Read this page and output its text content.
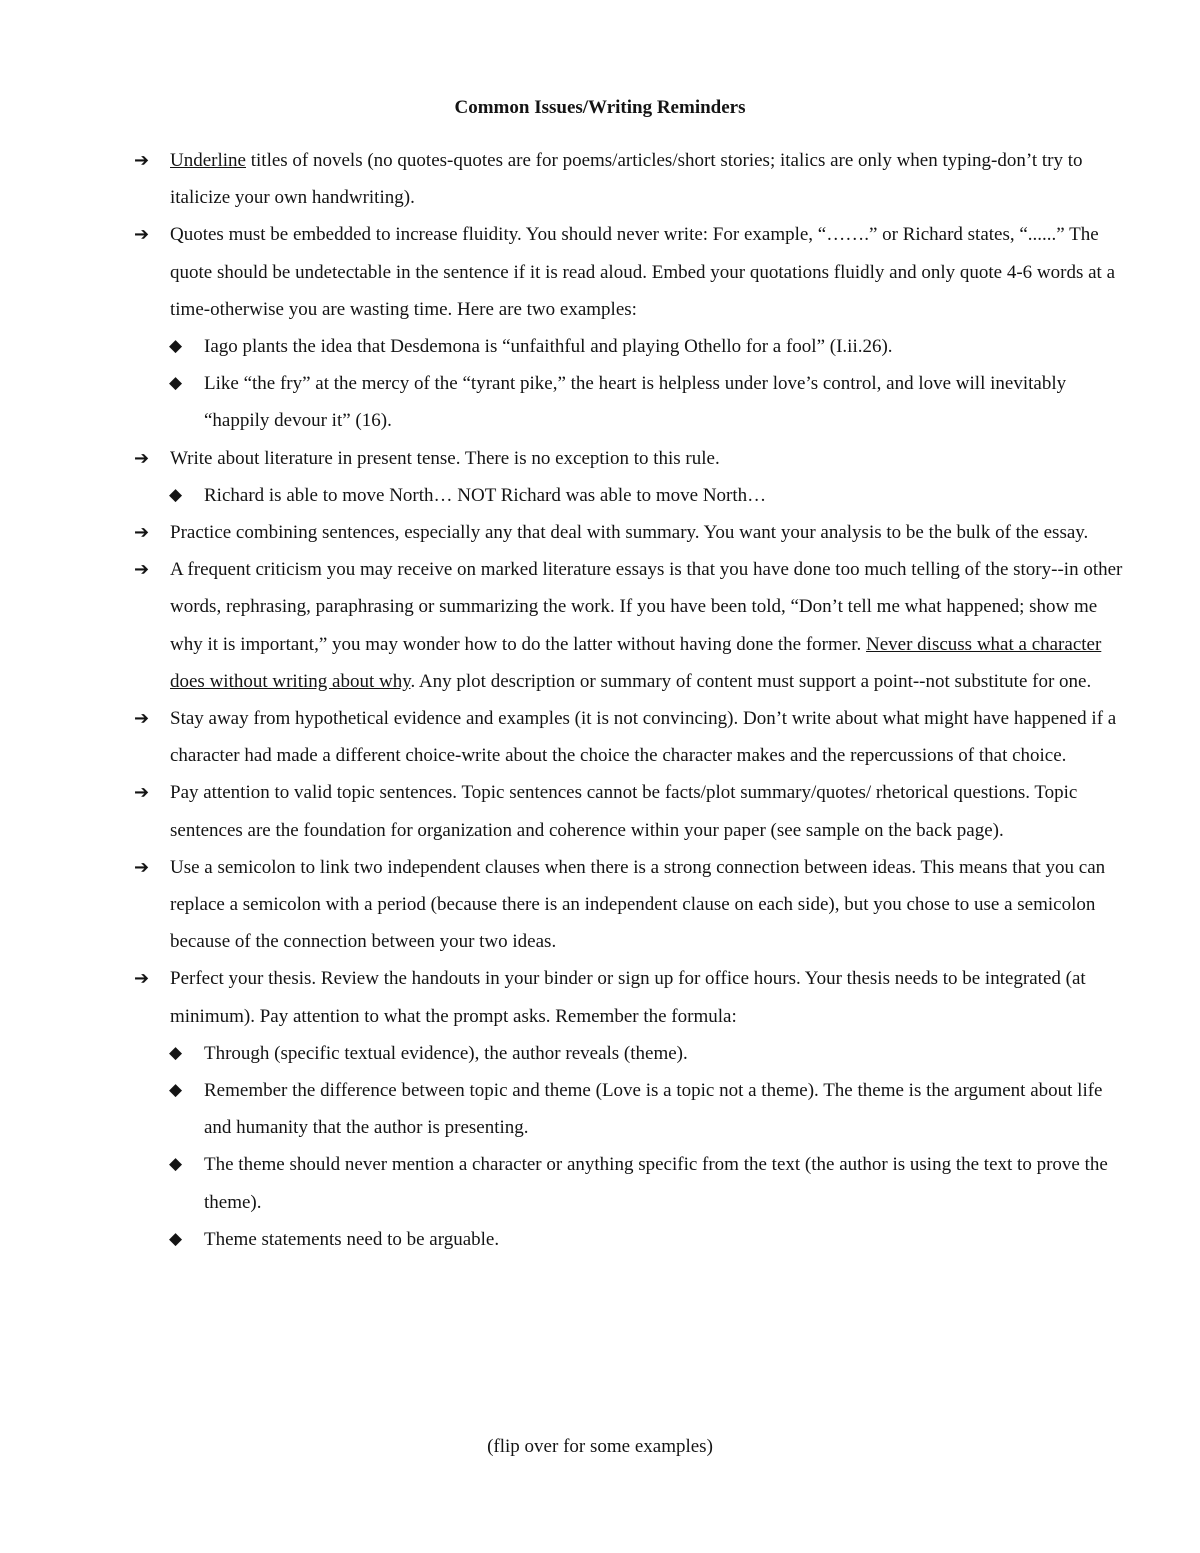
Common Issues/Writing Reminders
➔ Underline titles of novels (no quotes-quotes are for poems/articles/short stories; italics are only when typing-don’t try to italicize your own handwriting).
➔ Quotes must be embedded to increase fluidity. You should never write: For example, “…….” or Richard states, “......” The quote should be undetectable in the sentence if it is read aloud. Embed your quotations fluidly and only quote 4-6 words at a time-otherwise you are wasting time. Here are two examples:
◆ Iago plants the idea that Desdemona is “unfaithful and playing Othello for a fool” (I.ii.26).
◆ Like “the fry” at the mercy of the “tyrant pike,” the heart is helpless under love’s control, and love will inevitably “happily devour it” (16).
➔ Write about literature in present tense. There is no exception to this rule.
◆ Richard is able to move North… NOT Richard was able to move North…
➔ Practice combining sentences, especially any that deal with summary. You want your analysis to be the bulk of the essay.
➔ A frequent criticism you may receive on marked literature essays is that you have done too much telling of the story--in other words, rephrasing, paraphrasing or summarizing the work. If you have been told, “Don’t tell me what happened; show me why it is important,” you may wonder how to do the latter without having done the former. Never discuss what a character does without writing about why. Any plot description or summary of content must support a point--not substitute for one.
➔ Stay away from hypothetical evidence and examples (it is not convincing). Don’t write about what might have happened if a character had made a different choice-write about the choice the character makes and the repercussions of that choice.
➔ Pay attention to valid topic sentences. Topic sentences cannot be facts/plot summary/quotes/ rhetorical questions. Topic sentences are the foundation for organization and coherence within your paper (see sample on the back page).
➔ Use a semicolon to link two independent clauses when there is a strong connection between ideas. This means that you can replace a semicolon with a period (because there is an independent clause on each side), but you chose to use a semicolon because of the connection between your two ideas.
➔ Perfect your thesis. Review the handouts in your binder or sign up for office hours. Your thesis needs to be integrated (at minimum). Pay attention to what the prompt asks. Remember the formula:
◆ Through (specific textual evidence), the author reveals (theme).
◆ Remember the difference between topic and theme (Love is a topic not a theme). The theme is the argument about life and humanity that the author is presenting.
◆ The theme should never mention a character or anything specific from the text (the author is using the text to prove the theme).
◆ Theme statements need to be arguable.
(flip over for some examples)
